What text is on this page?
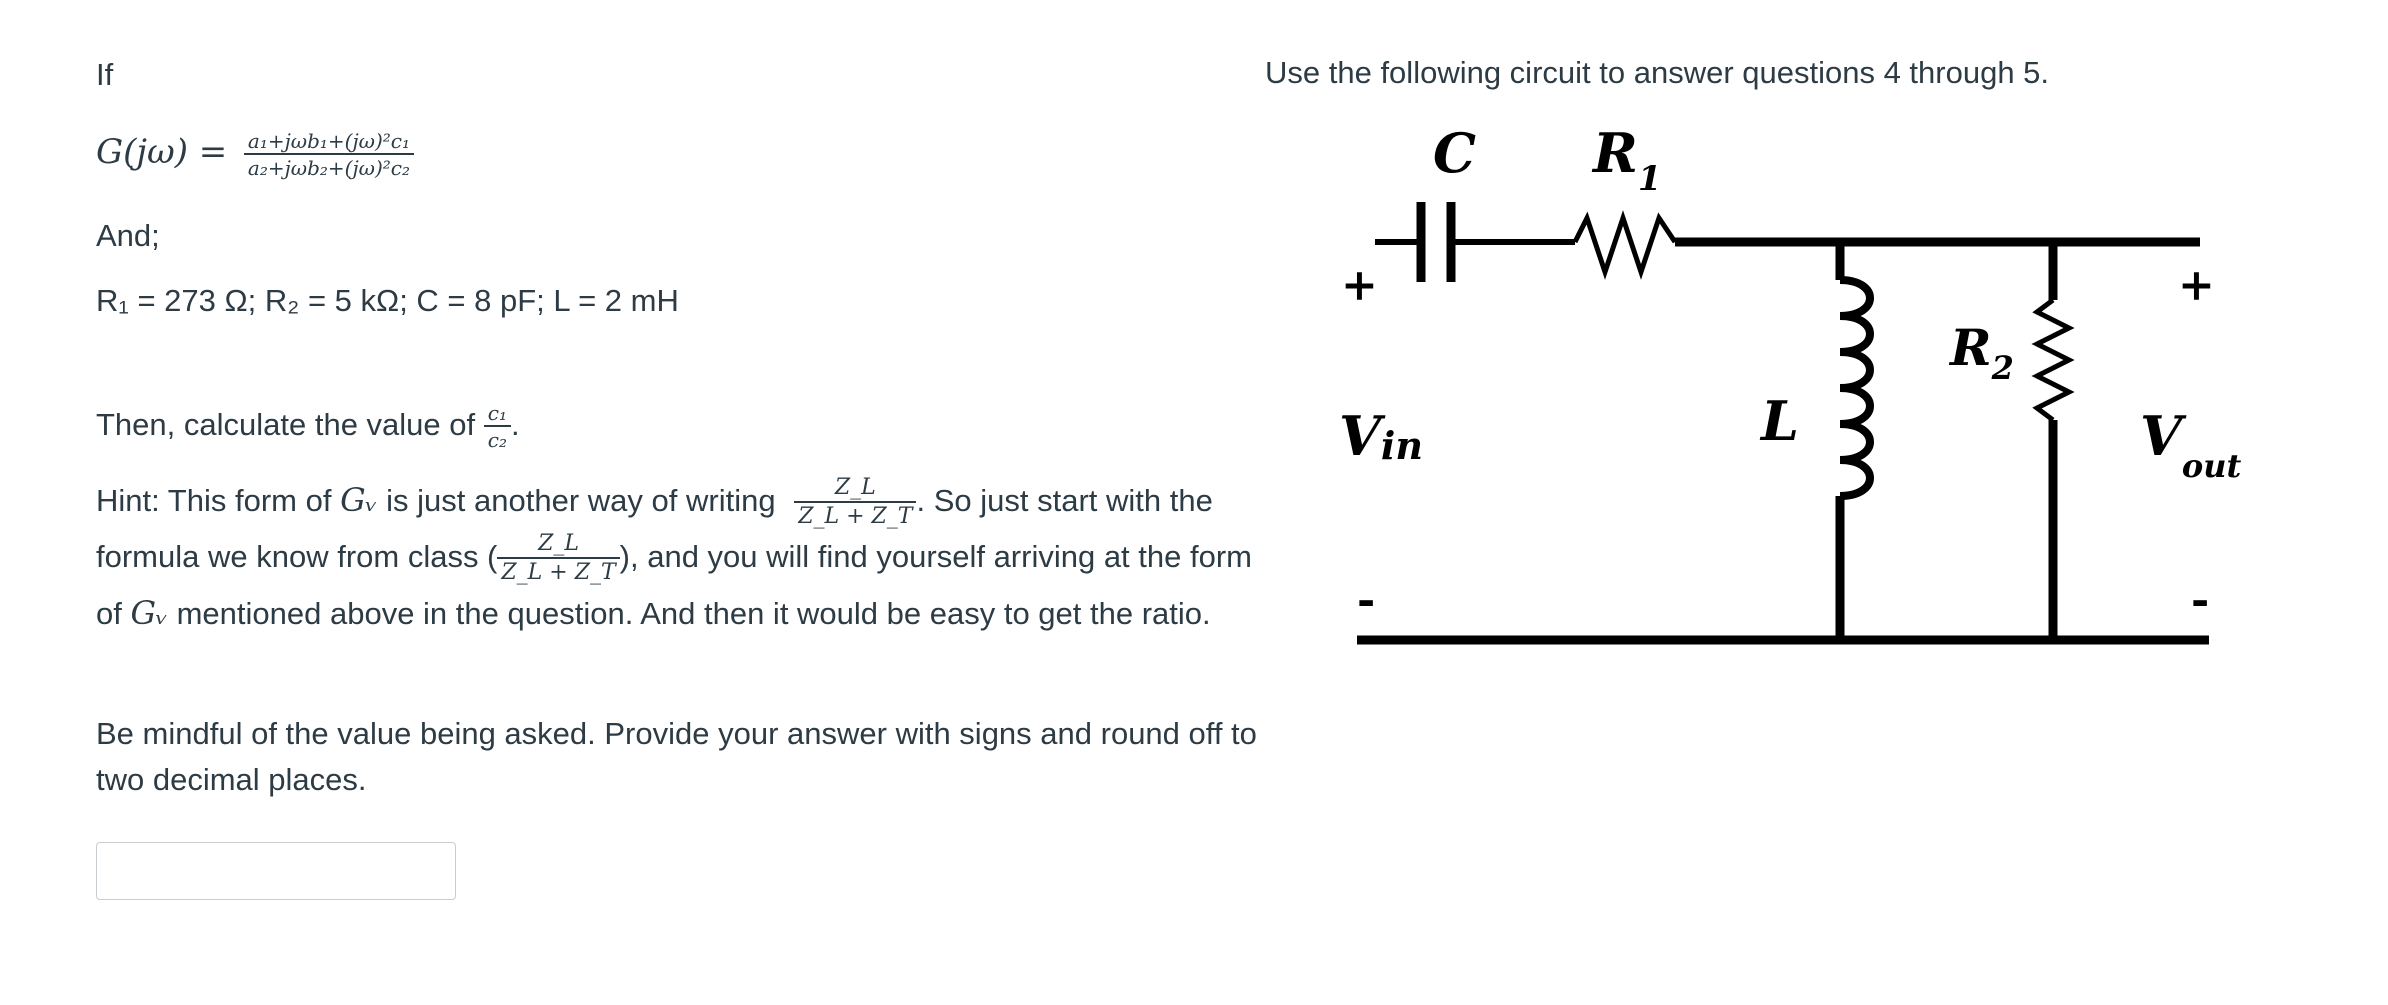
If
$G(j\omega) = \frac{\text{a₁+jωb₁+(jω)²c₁}}{\text{a₂+jωb₂+(jω)²c₂}}$
And;
R₁ = 273 Ω; R₂ = 5 kΩ; C = 8 pF; L = 2 mH
Then, calculate the value of $\frac{\text{c₁}}{\text{c₂}}$ .
Hint: This form of Gᵥ is just another way of writing $\frac{Z\_L}{Z\_L + Z\_T}$ . So just start with the
formula we know from class ( $\frac{Z\_L}{Z\_L + Z\_T}$ ), and you will find yourself arriving at the form
of Gᵥ mentioned above in the question. And then it would be easy to get the ratio.
Be mindful of the value being asked. Provide your answer with signs and round off to
two decimal places.
Use the following circuit to answer questions 4 through 5.
C $R_1$
$R_2$
L
Vin	$V_{out}$
+
-
+
-
